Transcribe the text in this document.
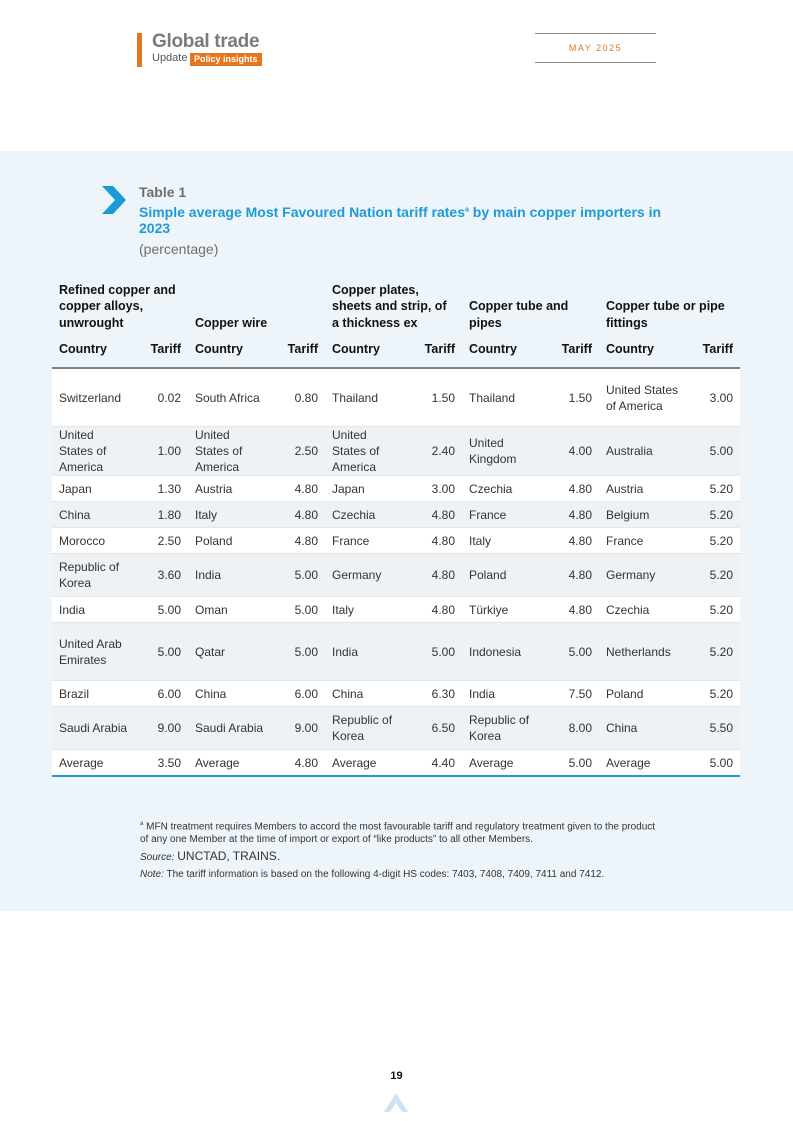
Global trade
Update Policy insights
MAY 2025
Table 1
Simple average Most Favoured Nation tariff rates$^a$ by main copper importers in 2023
(percentage)
Refined copper and copper alloys, unwrought		Copper wire		Copper plates, sheets and strip, of a thickness ex		Copper tube and pipes		Copper tube or pipe fittings	
Country	Tariff	Country	Tariff	Country	Tariff	Country	Tariff	Country	Tariff
Switzerland	0.02	South Africa	0.80	Thailand	1.50	Thailand	1.50	United States of America	3.00
United States of America	1.00	United States of America	2.50	United States of America	2.40	United Kingdom	4.00	Australia	5.00
Japan	1.30	Austria	4.80	Japan	3.00	Czechia	4.80	Austria	5.20
China	1.80	Italy	4.80	Czechia	4.80	France	4.80	Belgium	5.20
Morocco	2.50	Poland	4.80	France	4.80	Italy	4.80	France	5.20
Republic of Korea	3.60	India	5.00	Germany	4.80	Poland	4.80	Germany	5.20
India	5.00	Oman	5.00	Italy	4.80	Türkiye	4.80	Czechia	5.20
United Arab Emirates	5.00	Qatar	5.00	India	5.00	Indonesia	5.00	Netherlands	5.20
Brazil	6.00	China	6.00	China	6.30	India	7.50	Poland	5.20
Saudi Arabia	9.00	Saudi Arabia	9.00	Republic of Korea	6.50	Republic of Korea	8.00	China	5.50
Average	3.50	Average	4.80	Average	4.40	Average	5.00	Average	5.00
$^a$ MFN treatment requires Members to accord the most favourable tariff and regulatory treatment given to the product of any one Member at the time of import or export of “like products” to all other Members.
Source: UNCTAD, TRAINS.
Note: The tariff information is based on the following 4-digit HS codes: 7403, 7408, 7409, 7411 and 7412.
19
